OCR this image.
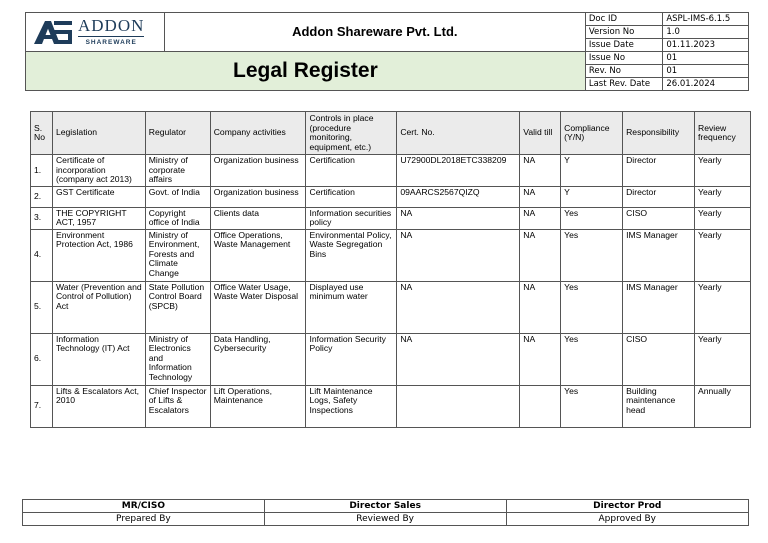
ADDON
SHAREWARE	Addon Shareware Pvt. Ltd.	Doc ID	ASPL-IMS-6.1.5
		Version No	1.0
		Issue Date	01.11.2023
Legal Register		Issue No	01
		Rev. No	01
		Last Rev. Date	26.01.2024
S. No	Legislation	Regulator	Company activities	Controls in place (procedure monitoring, equipment, etc.)	Cert. No.	Valid till	Compliance (Y/N)	Responsibility	Review frequency
1.	Certificate of incorporation (company act 2013)	Ministry of corporate affairs	Organization business	Certification	U72900DL2018ETC338209	NA	Y	Director	Yearly
2.	GST Certificate	Govt. of India	Organization business	Certification	09AARCS2567QIZQ	NA	Y	Director	Yearly
3.	THE COPYRIGHT ACT, 1957	Copyright office of India	Clients data	Information securities policy	NA	NA	Yes	CISO	Yearly
4.	Environment Protection Act, 1986	Ministry of Environment, Forests and Climate Change	Office Operations, Waste Management	Environmental Policy, Waste Segregation Bins	NA	NA	Yes	IMS Manager	Yearly
5.	Water (Prevention and Control of Pollution) Act	State Pollution Control Board (SPCB)	Office Water Usage, Waste Water Disposal	Displayed use minimum water	NA	NA	Yes	IMS Manager	Yearly
6.	Information Technology (IT) Act	Ministry of Electronics and Information Technology	Data Handling, Cybersecurity	Information Security Policy	NA	NA	Yes	CISO	Yearly
7.	Lifts & Escalators Act, 2010	Chief Inspector of Lifts & Escalators	Lift Operations, Maintenance	Lift Maintenance Logs, Safety Inspections			Yes	Building maintenance head	Annually
MR/CISO	Director Sales	Director Prod
Prepared By	Reviewed By	Approved By
